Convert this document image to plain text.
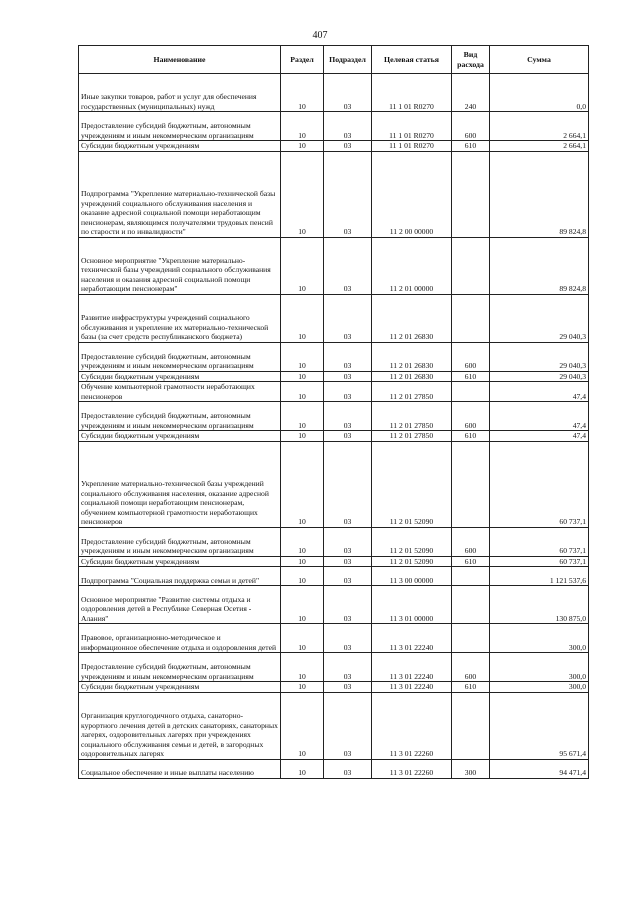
407
Наименование	Раздел	Подраздел	Целевая статья	Вид расхода	Сумма
Иные закупки товаров, работ и услуг для обеспечения государственных (муниципальных) нужд	10	03	11 1 01 R0270	240	0,0
Предоставление субсидий бюджетным, автономным учреждениям и иным некоммерческим организациям	10	03	11 1 01 R0270	600	2 664,1
Субсидии бюджетным учреждениям	10	03	11 1 01 R0270	610	2 664,1
Подпрограмма "Укрепление материально-технической базы учреждений социального обслуживания населения и оказание адресной социальной помощи неработающим пенсионерам, являющимся получателями трудовых пенсий по старости и по инвалидности"	10	03	11 2 00 00000		89 824,8
Основное мероприятие "Укрепление материально-технической базы учреждений социального обслуживания населения и оказания адресной социальной помощи неработающим пенсионерам"	10	03	11 2 01 00000		89 824,8
Развитие инфраструктуры учреждений социального обслуживания и укрепление их материально-технической базы (за счет средств республиканского бюджета)	10	03	11 2 01 26830		29 040,3
Предоставление субсидий бюджетным, автономным учреждениям и иным некоммерческим организациям	10	03	11 2 01 26830	600	29 040,3
Субсидии бюджетным учреждениям	10	03	11 2 01 26830	610	29 040,3
Обучение компьютерной грамотности неработающих пенсионеров	10	03	11 2 01 27850		47,4
Предоставление субсидий бюджетным, автономным учреждениям и иным некоммерческим организациям	10	03	11 2 01 27850	600	47,4
Субсидии бюджетным учреждениям	10	03	11 2 01 27850	610	47,4
Укрепление материально-технической базы учреждений социального обслуживания населения, оказание адресной социальной помощи неработающим пенсионерам, обучением компьютерной грамотности неработающих пенсионеров	10	03	11 2 01 52090		60 737,1
Предоставление субсидий бюджетным, автономным учреждениям и иным некоммерческим организациям	10	03	11 2 01 52090	600	60 737,1
Субсидии бюджетным учреждениям	10	03	11 2 01 52090	610	60 737,1
Подпрограмма "Социальная поддержка семьи и детей"	10	03	11 3 00 00000		1 121 537,6
Основное мероприятие "Развитие системы отдыха и оздоровления детей в Республике Северная Осетия - Алания"	10	03	11 3 01 00000		130 875,0
Правовое, организационно-методическое и информационное обеспечение отдыха и оздоровления детей	10	03	11 3 01 22240		300,0
Предоставление субсидий бюджетным, автономным учреждениям и иным некоммерческим организациям	10	03	11 3 01 22240	600	300,0
Субсидии бюджетным учреждениям	10	03	11 3 01 22240	610	300,0
Организация круглогодичного отдыха, санаторно-курортного лечения детей в детских санаториях, санаторных лагерях, оздоровительных лагерях при учреждениях социального обслуживания семьи и детей, в загородных оздоровительных лагерях	10	03	11 3 01 22260		95 671,4
Социальное обеспечение и иные выплаты населению	10	03	11 3 01 22260	300	94 471,4
